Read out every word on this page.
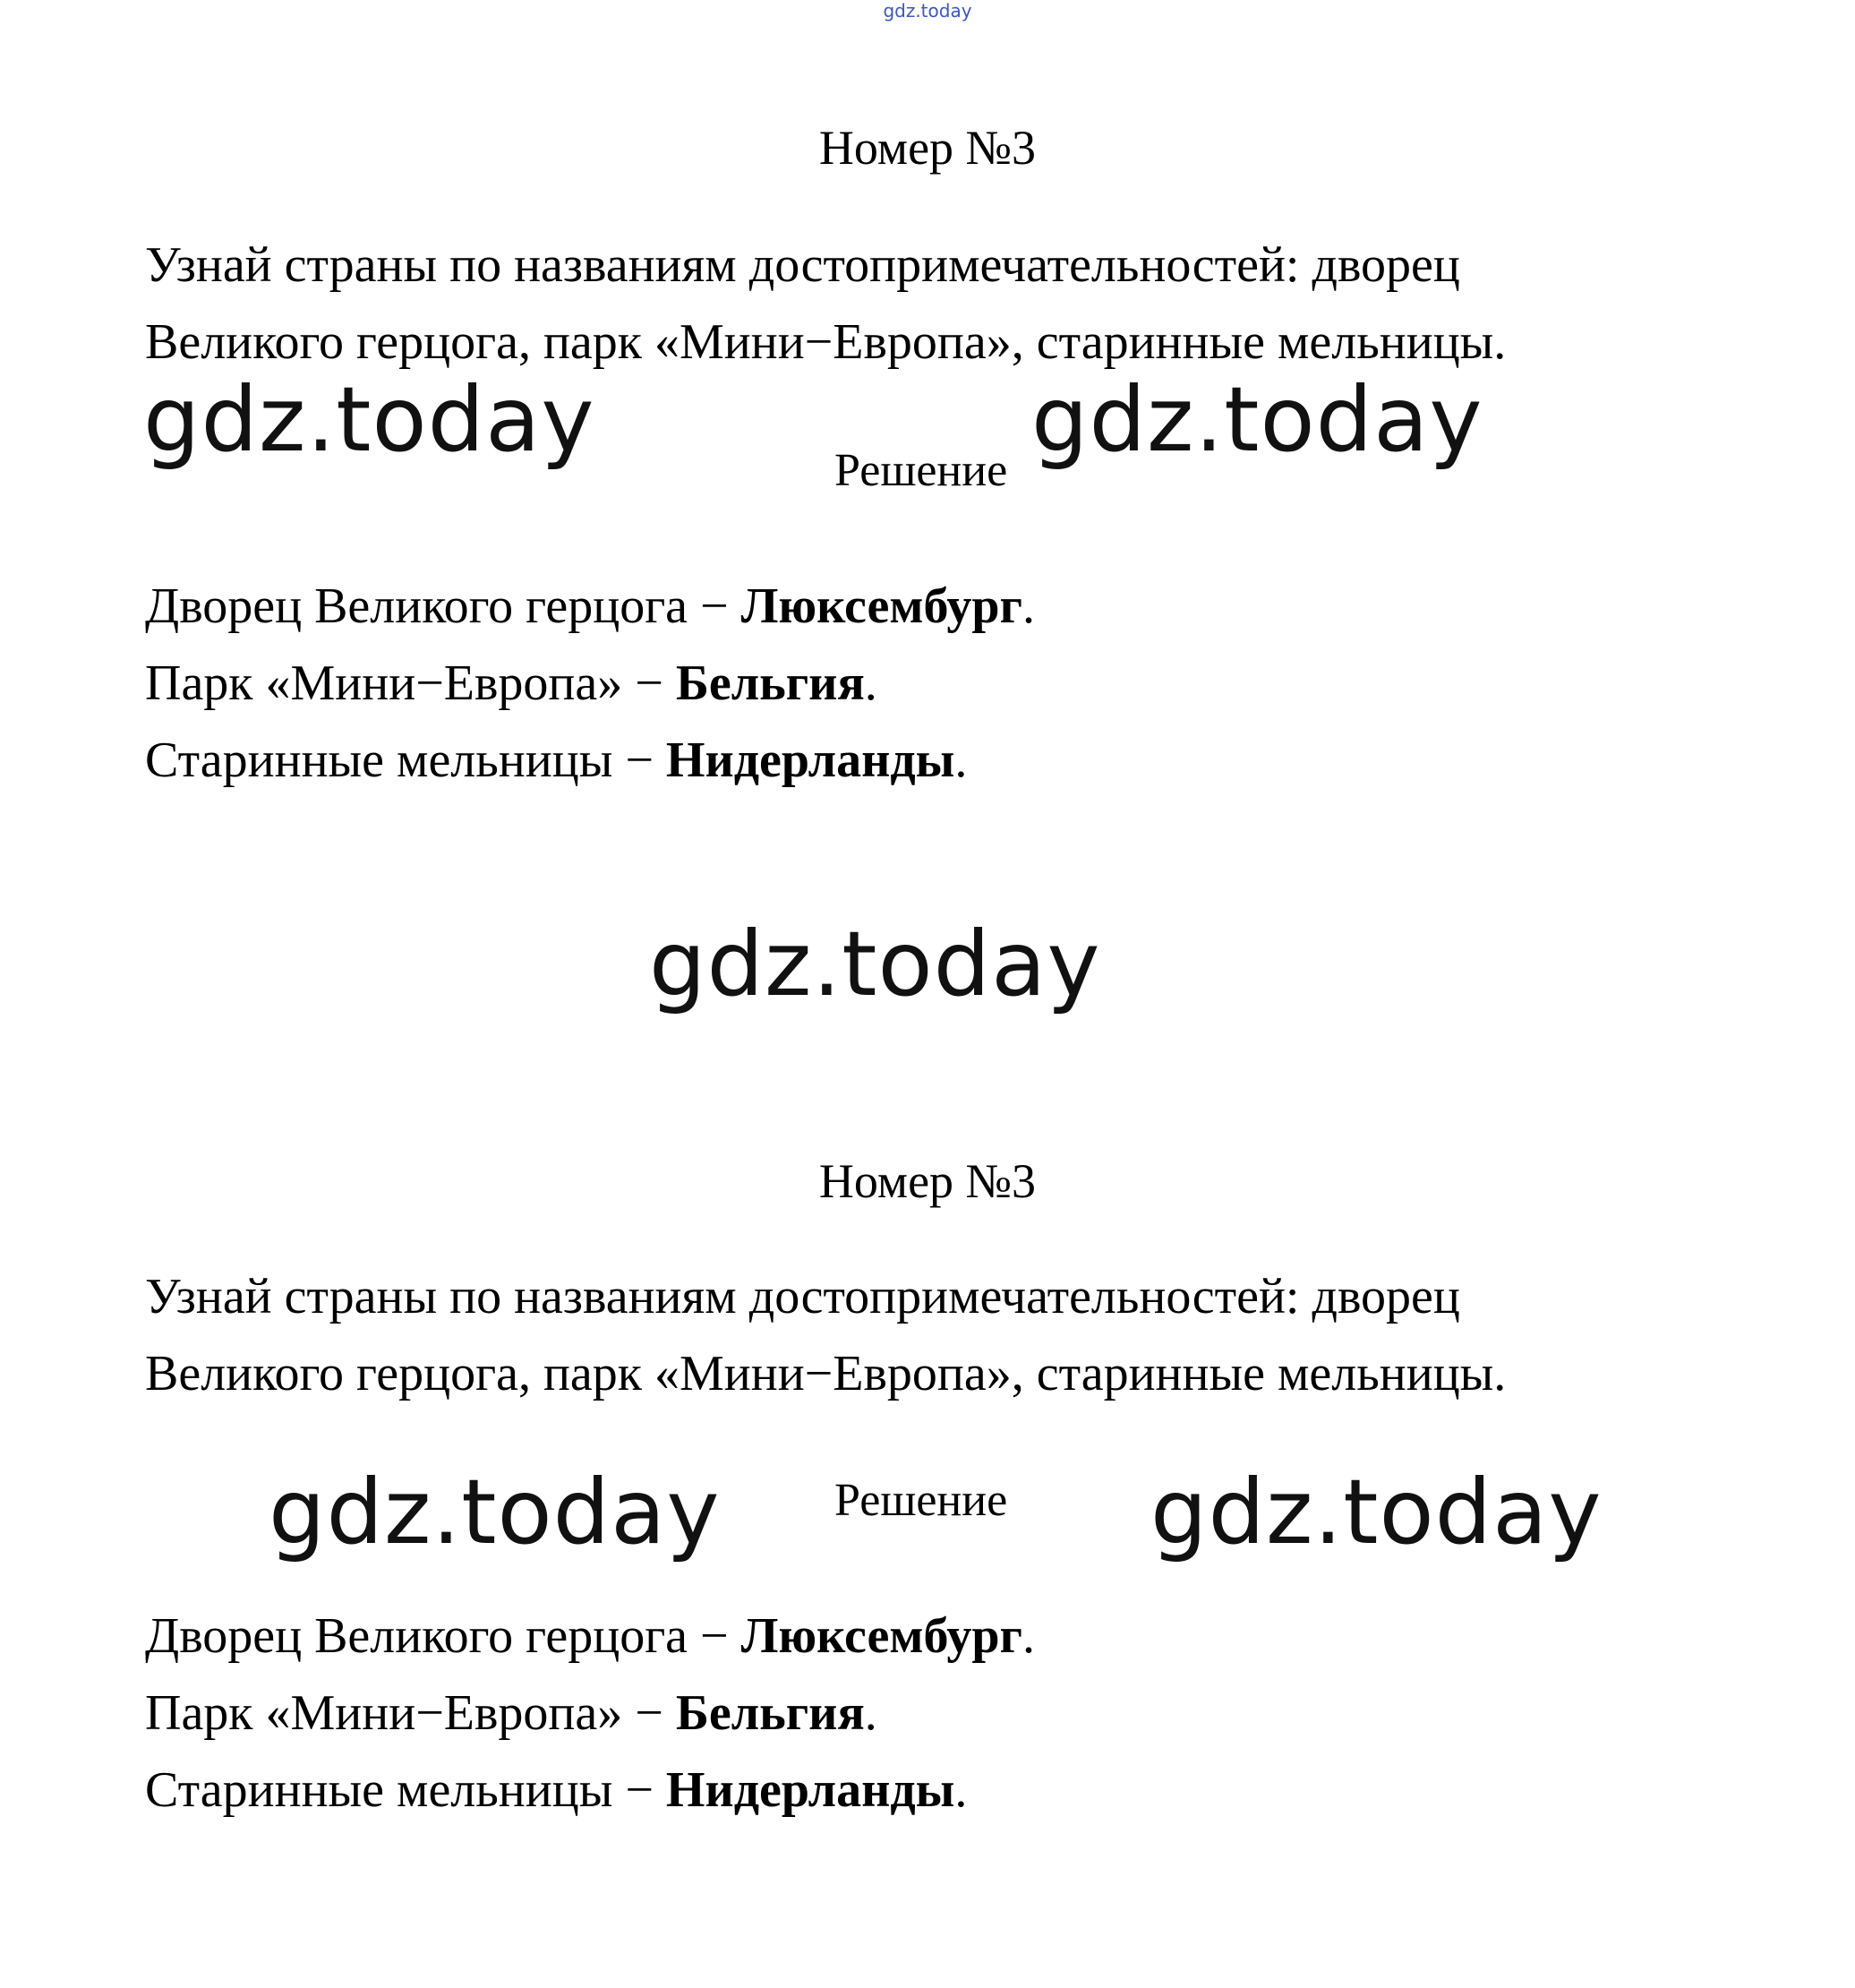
gdz.today
Номер №3
Узнай страны по названиям достопримечательностей: дворец
Великого герцога, парк «Мини−Европа», старинные мельницы.
gdz.today	Решение gdz.today
Дворец Великого герцога − Люксембург.
Парк «Мини−Европа» − Бельгия.
Старинные мельницы − Нидерланды.
gdz.today
Номер №3
Узнай страны по названиям достопримечательностей: дворец
Великого герцога, парк «Мини−Европа», старинные мельницы.
gdz.today Решение gdz.today
Дворец Великого герцога − Люксембург.
Парк «Мини−Европа» − Бельгия.
Старинные мельницы − Нидерланды.
